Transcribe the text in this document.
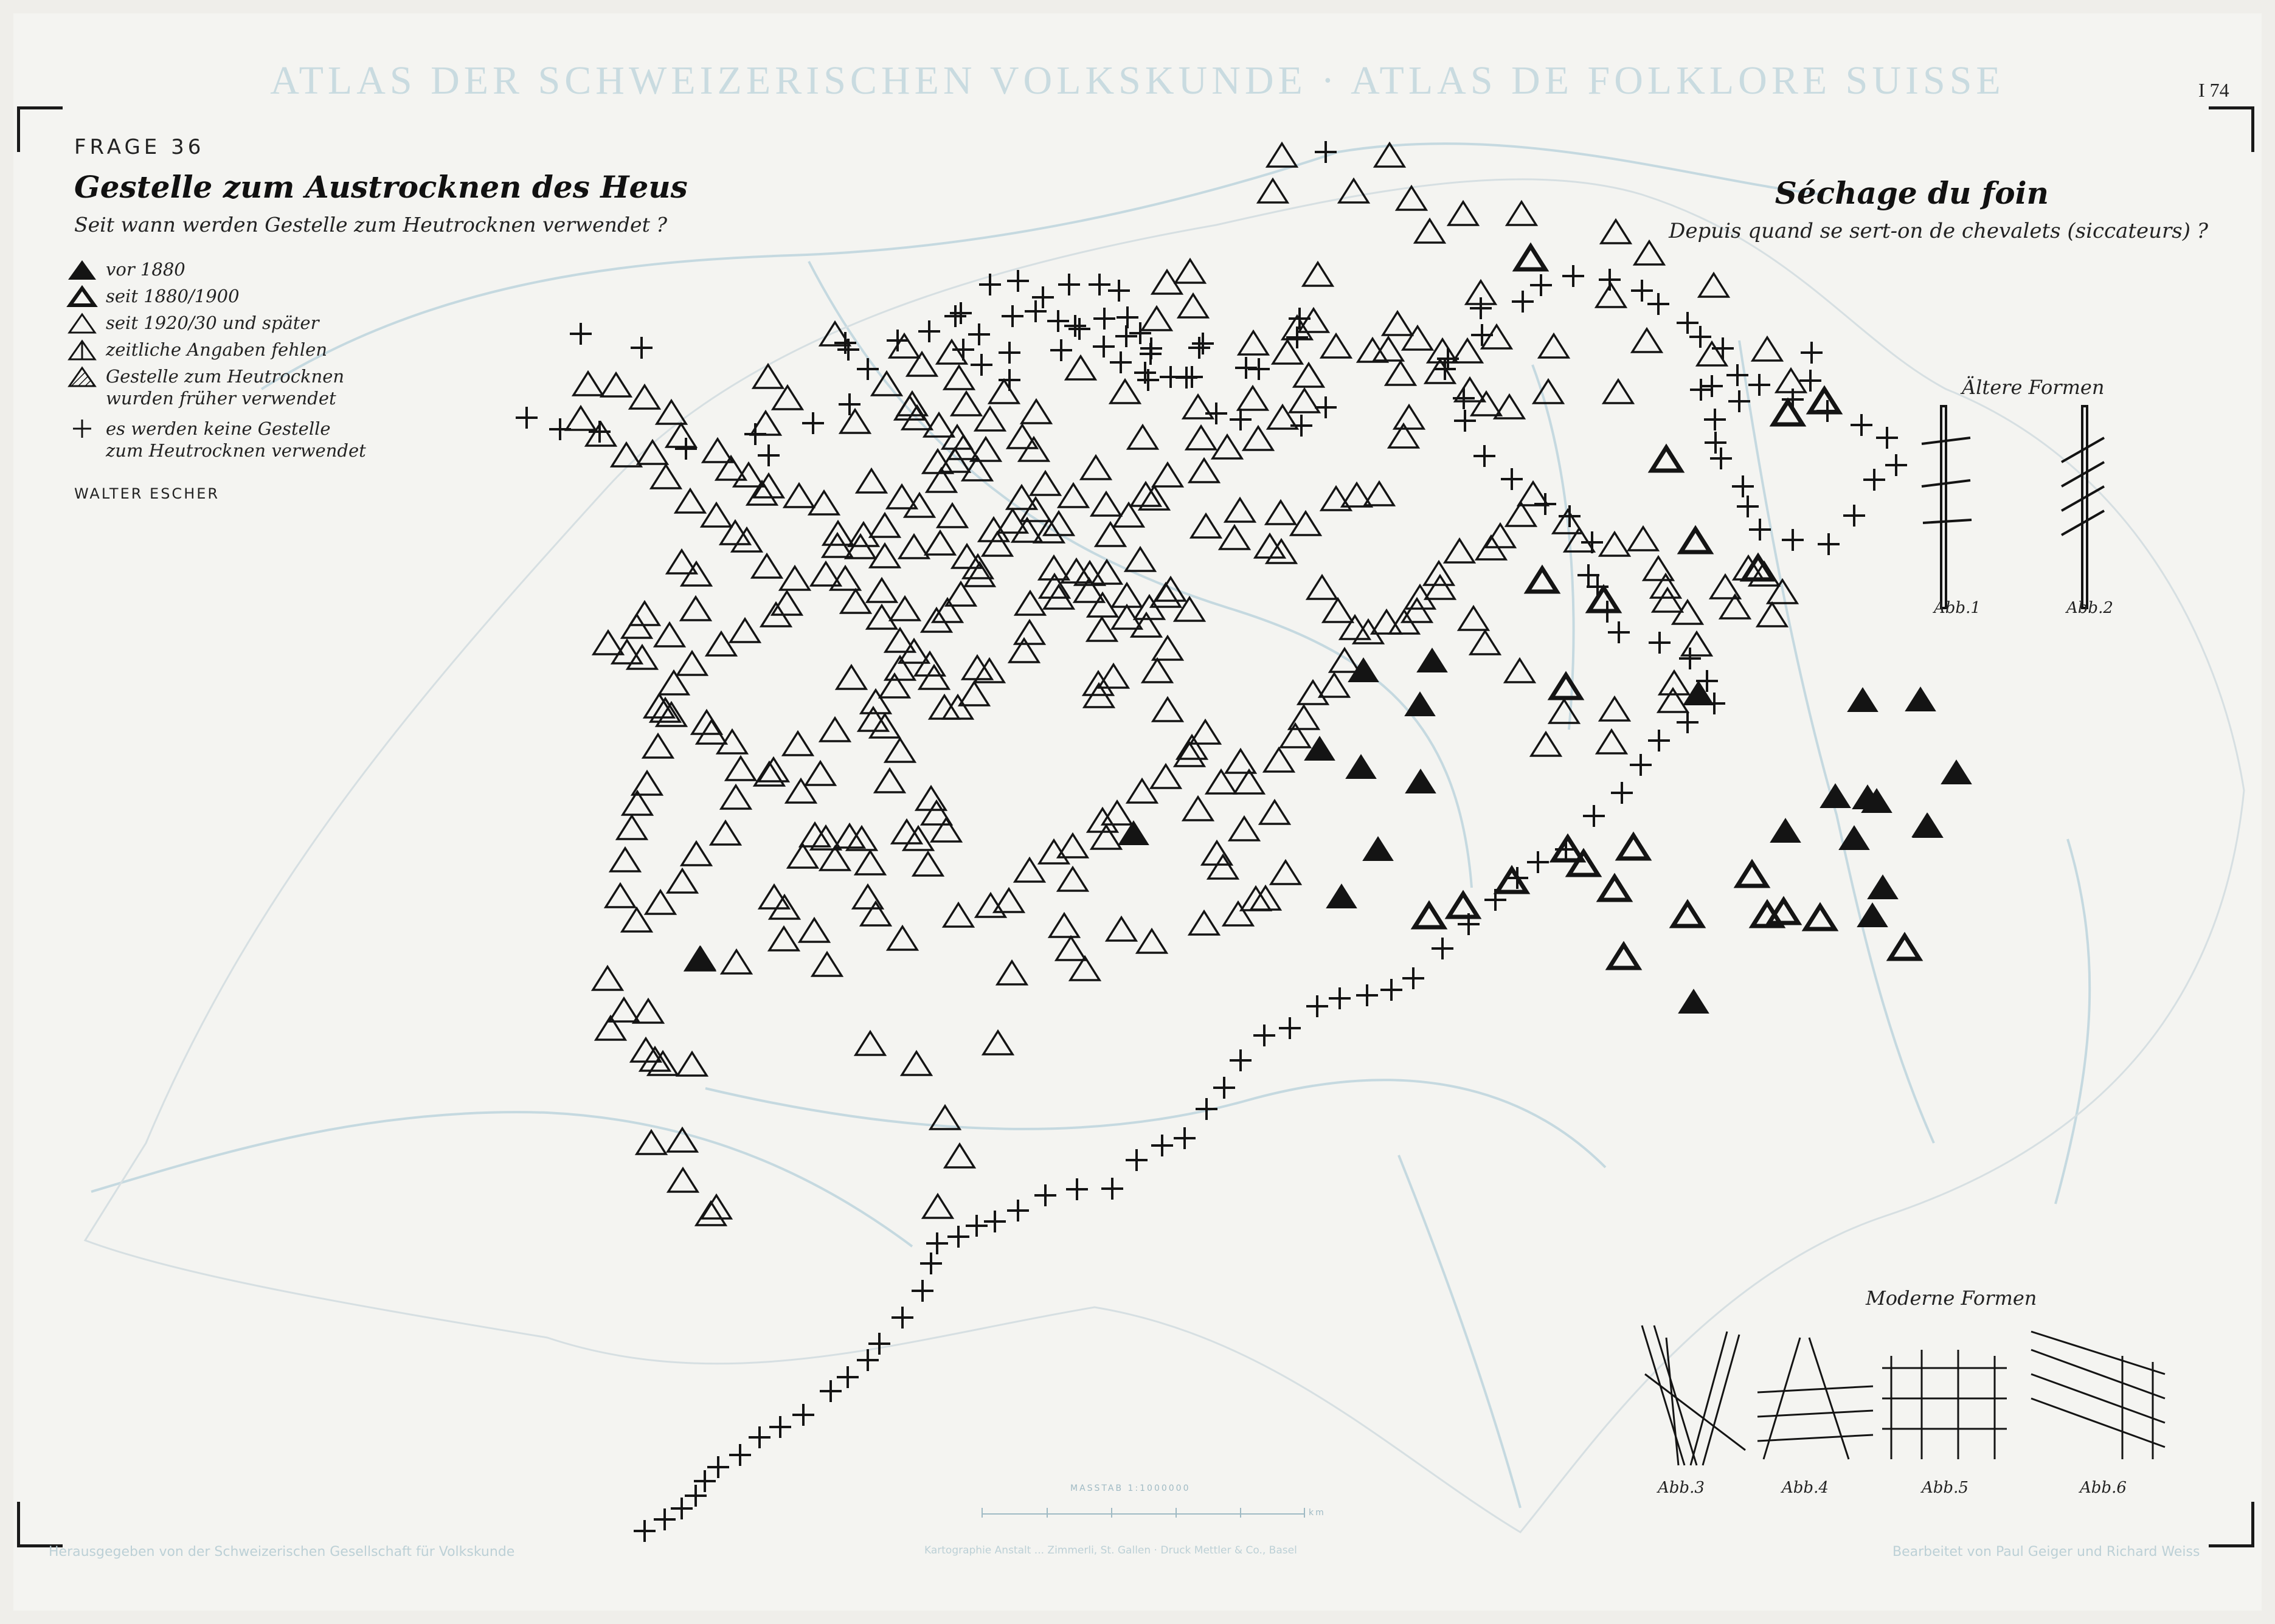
ATLAS DER SCHWEIZERISCHEN VOLKSKUNDE · ATLAS DE FOLKLORE SUISSE	I 74
FRAGE 36
Gestelle zum Austrocknen des Heus
Seit wann werden Gestelle zum Heutrocknen verwendet ?
Séchage du foin
Depuis quand se sert-on de chevalets (siccateurs) ?
vor 1880
seit 1880/1900
seit 1920/30 und später
zeitliche Angaben fehlen
Gestelle zum Heutrocknen
wurden früher verwendet
es werden keine Gestelle
zum Heutrocknen verwendet
WALTER ESCHER
Ältere Formen
Abb.1	Abb.2
Moderne Formen
Abb.3	Abb.4	Abb.5	Abb.6
MASSTAB 1:1000000
km
Herausgegeben von der Schweizerischen Gesellschaft für Volkskunde	Kartographie Anstalt ... Zimmerli, St. Gallen · Druck Mettler & Co., Basel	Bearbeitet von Paul Geiger und Richard Weiss
